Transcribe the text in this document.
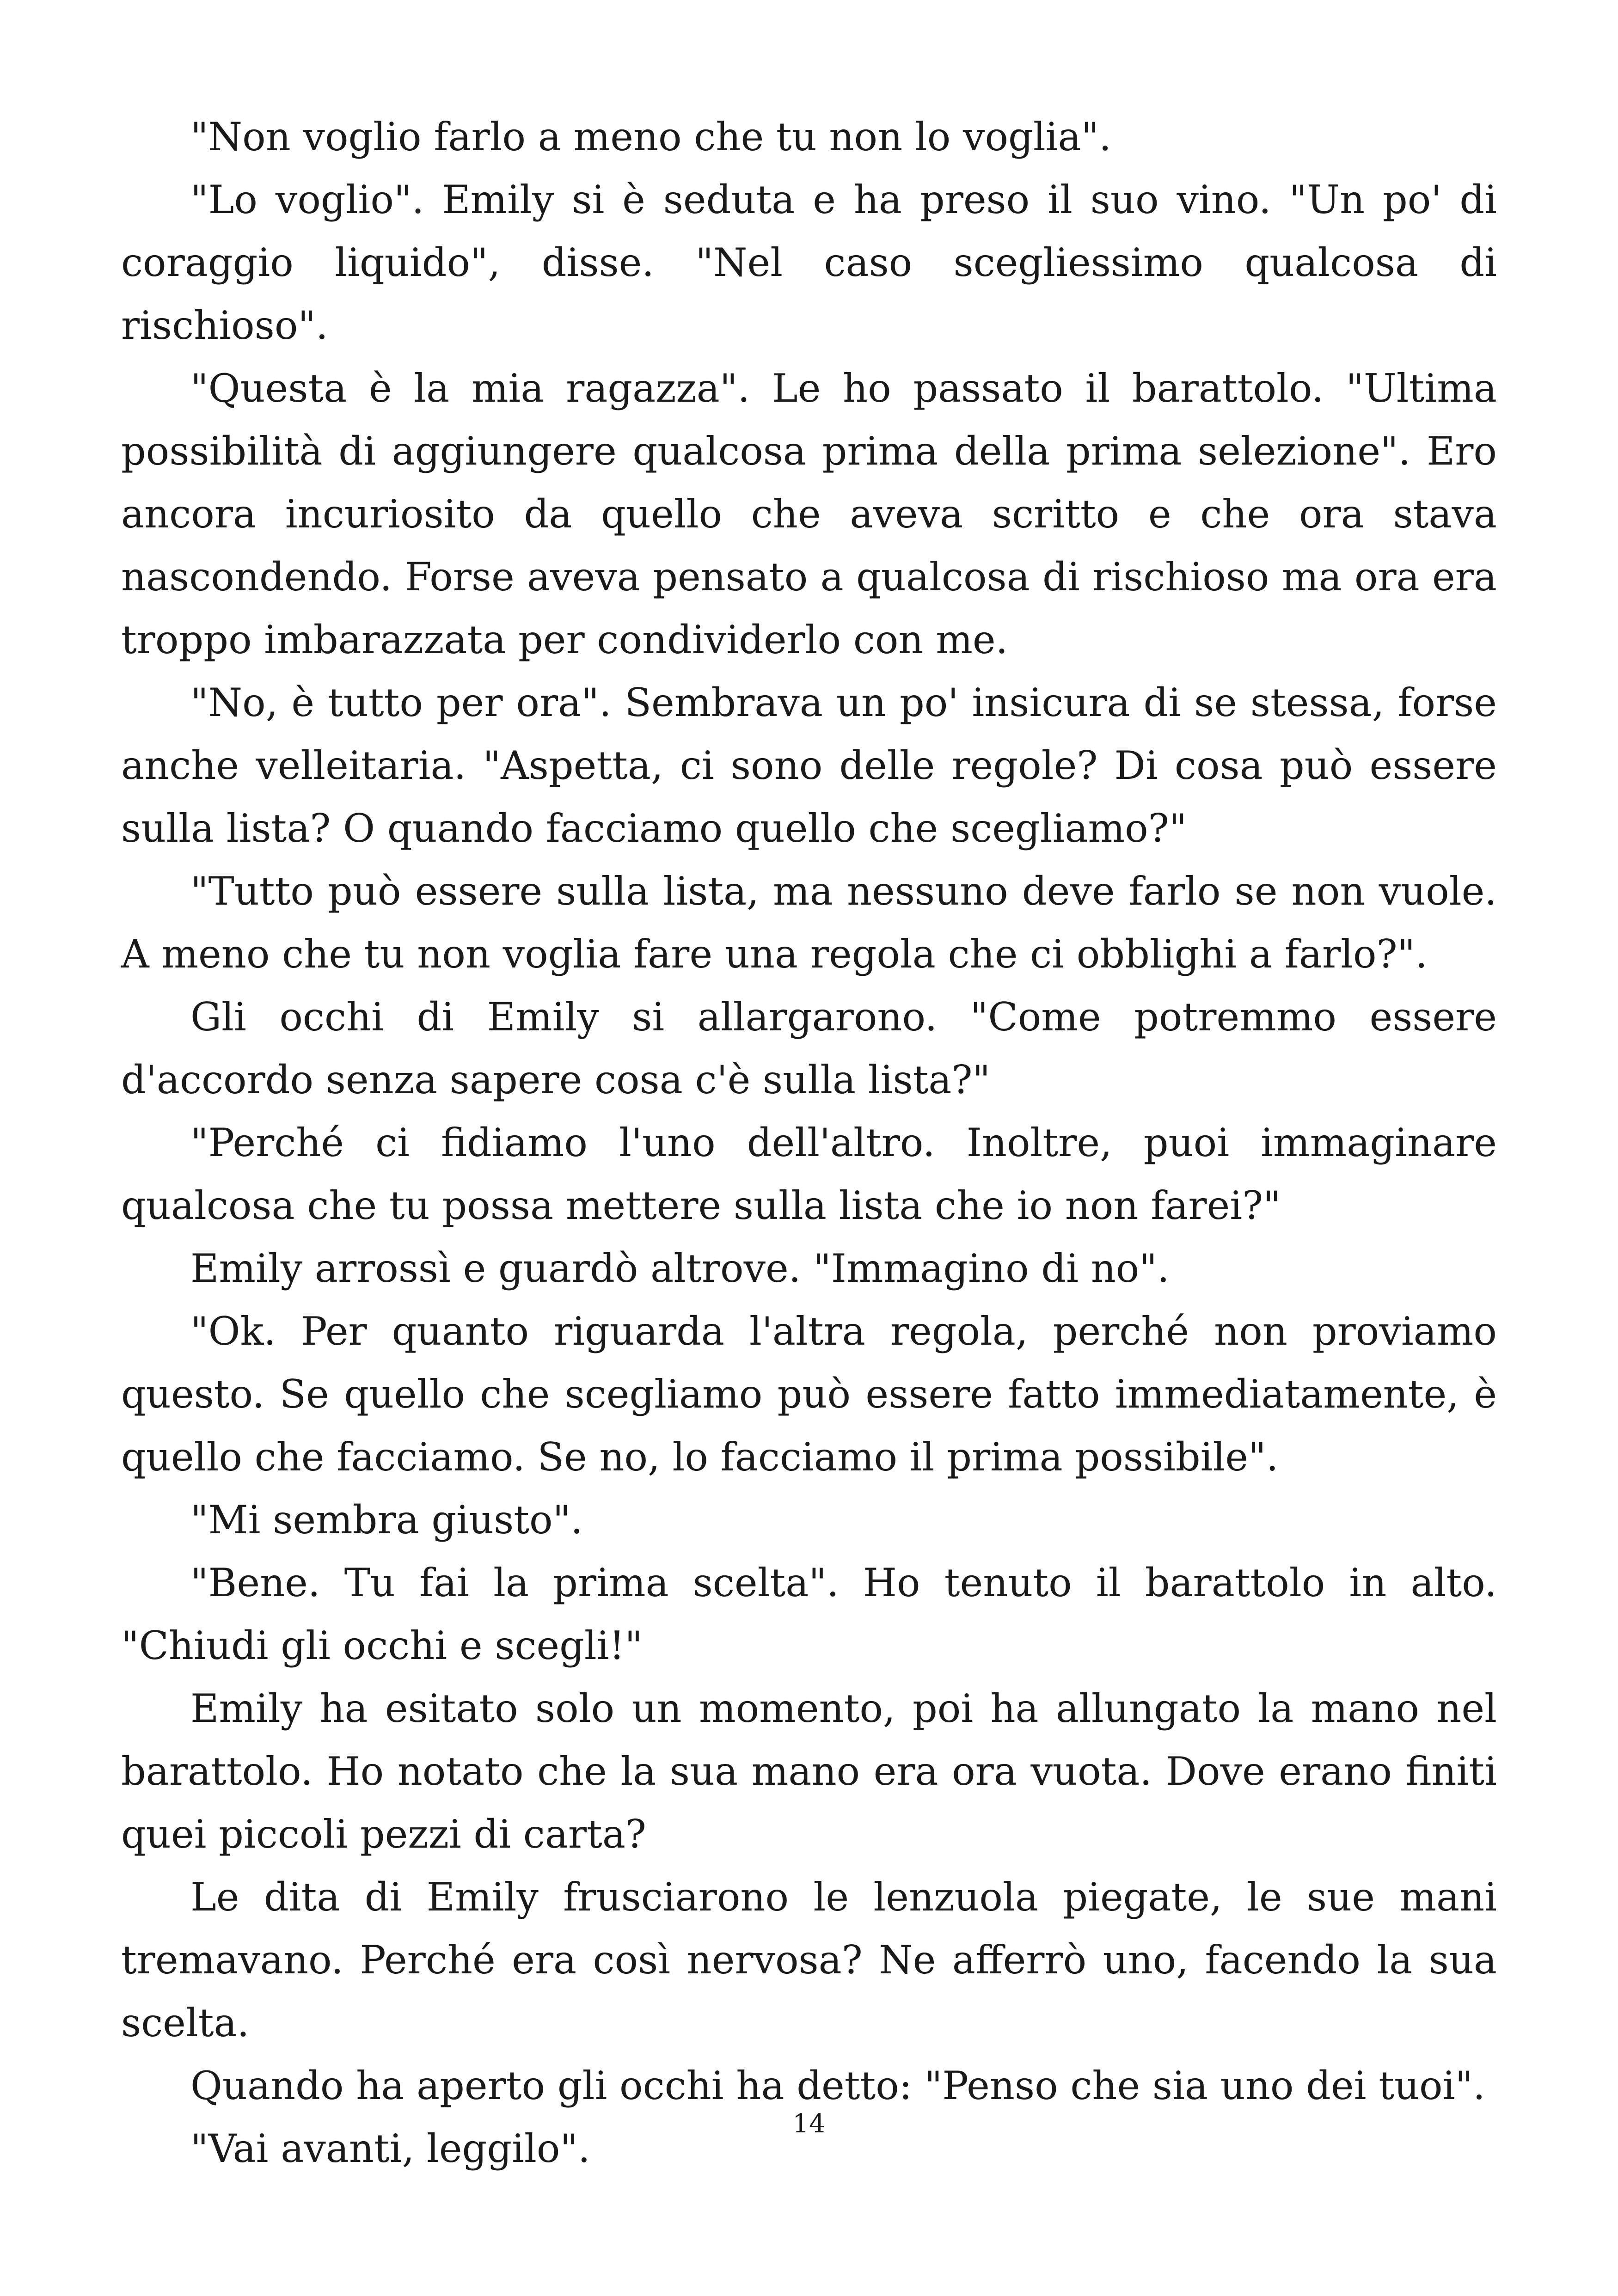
"Non voglio farlo a meno che tu non lo voglia".

"Lo voglio". Emily si è seduta e ha preso il suo vino. "Un po' di coraggio liquido", disse. "Nel caso scegliessimo qualcosa di rischioso".

"Questa è la mia ragazza". Le ho passato il barattolo. "Ultima possibilità di aggiungere qualcosa prima della prima selezione". Ero ancora incuriosito da quello che aveva scritto e che ora stava nascondendo. Forse aveva pensato a qualcosa di rischioso ma ora era troppo imbarazzata per condividerlo con me.

"No, è tutto per ora". Sembrava un po' insicura di se stessa, forse anche velleitaria. "Aspetta, ci sono delle regole? Di cosa può essere sulla lista? O quando facciamo quello che scegliamo?"

"Tutto può essere sulla lista, ma nessuno deve farlo se non vuole. A meno che tu non voglia fare una regola che ci obblighi a farlo?".

Gli occhi di Emily si allargarono. "Come potremmo essere d'accordo senza sapere cosa c'è sulla lista?"

"Perché ci fidiamo l'uno dell'altro. Inoltre, puoi immaginare qualcosa che tu possa mettere sulla lista che io non farei?"

Emily arrossì e guardò altrove. "Immagino di no".

"Ok. Per quanto riguarda l'altra regola, perché non proviamo questo. Se quello che scegliamo può essere fatto immediatamente, è quello che facciamo. Se no, lo facciamo il prima possibile".

"Mi sembra giusto".

"Bene. Tu fai la prima scelta". Ho tenuto il barattolo in alto. "Chiudi gli occhi e scegli!"

Emily ha esitato solo un momento, poi ha allungato la mano nel barattolo. Ho notato che la sua mano era ora vuota. Dove erano finiti quei piccoli pezzi di carta?

Le dita di Emily frusciarono le lenzuola piegate, le sue mani tremavano. Perché era così nervosa? Ne afferrò uno, facendo la sua scelta.

Quando ha aperto gli occhi ha detto: "Penso che sia uno dei tuoi".

"Vai avanti, leggilo".

14
